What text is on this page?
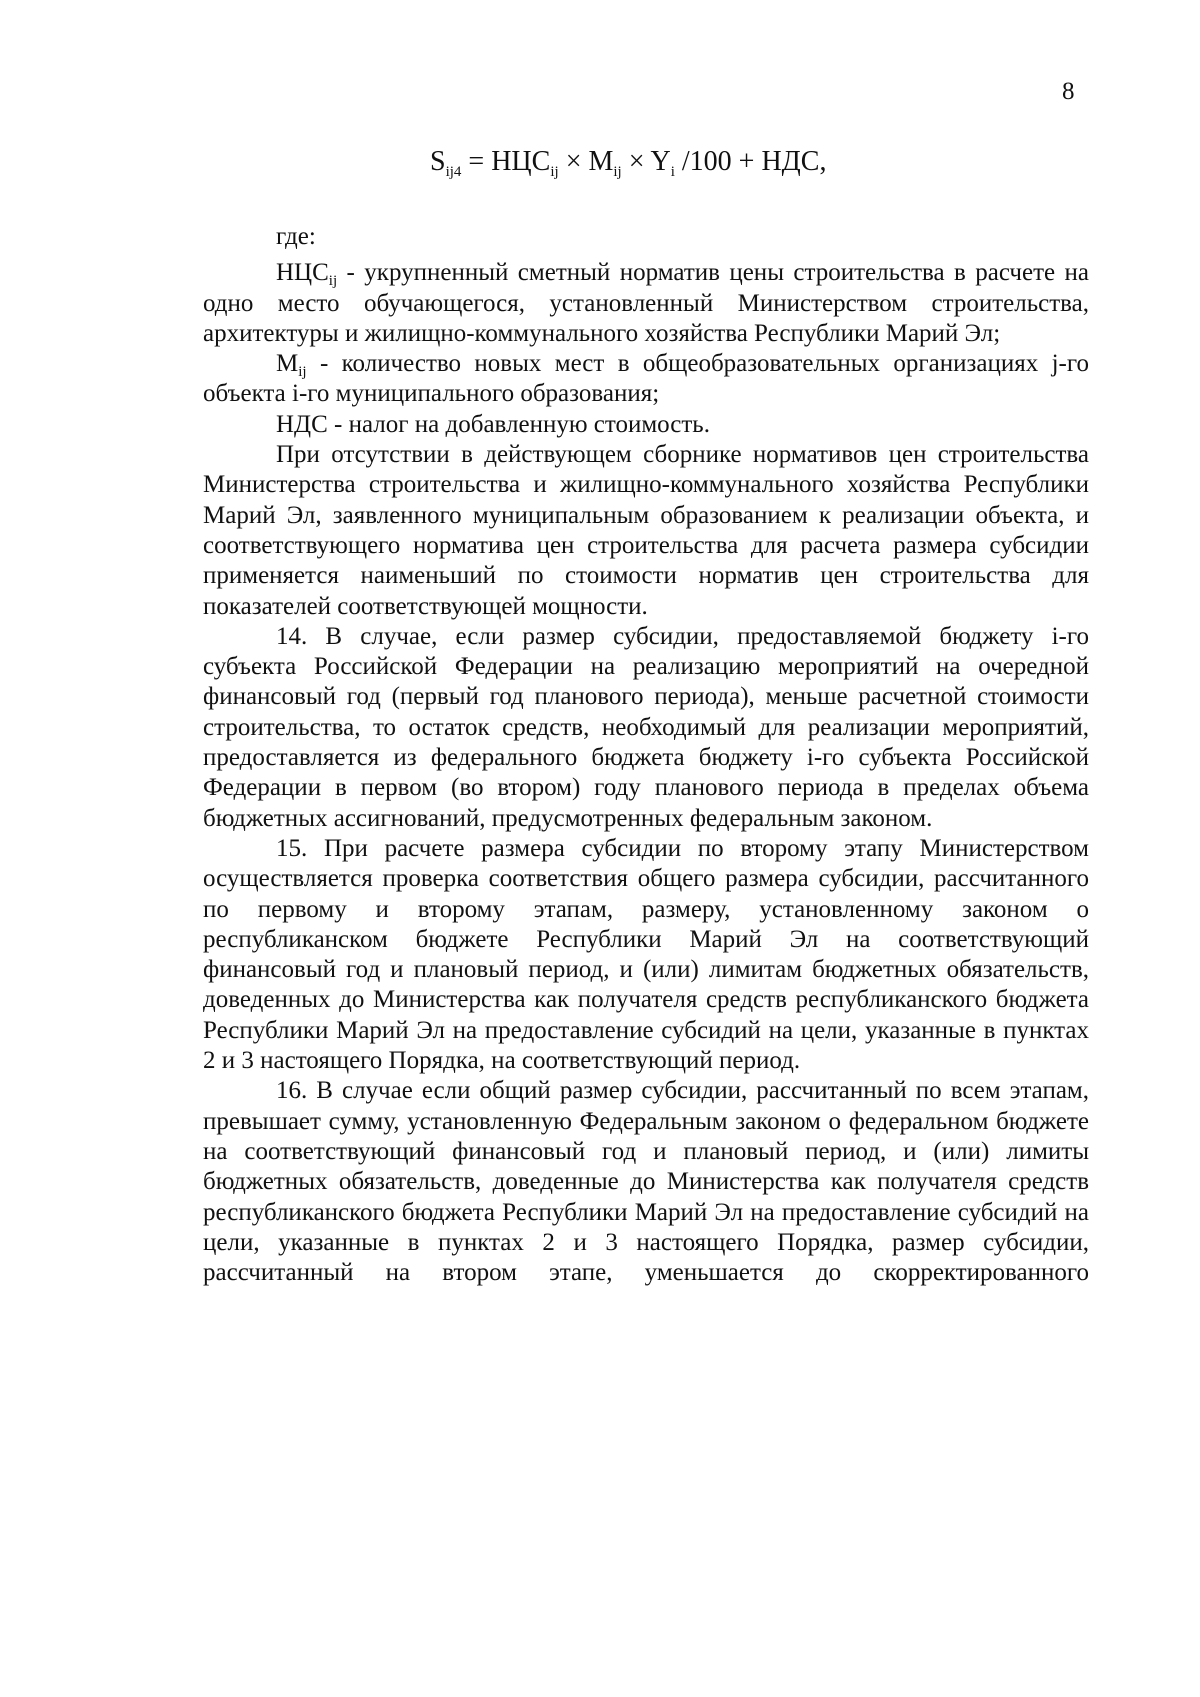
8
$S_{ij4} = НЦС_{ij} \times M_{ij} \times Y_i$ /100 + НДС,

где:

$НЦС_{ij}$ - укрупненный сметный норматив цены строительства в расчете на одно место обучающегося, установленный Министерством строительства, архитектуры и жилищно-коммунального хозяйства Республики Марий Эл;

$M_{ij}$ - количество новых мест в общеобразовательных организациях j-го объекта i-го муниципального образования;

НДС - налог на добавленную стоимость.

При отсутствии в действующем сборнике нормативов цен строительства Министерства строительства и жилищно-коммунального хозяйства Республики Марий Эл, заявленного муниципальным образованием к реализации объекта, и соответствующего норматива цен строительства для расчета размера субсидии применяется наименьший по стоимости норматив цен строительства для показателей соответствующей мощности.

14. В случае, если размер субсидии, предоставляемой бюджету i-го субъекта Российской Федерации на реализацию мероприятий на очередной финансовый год (первый год планового периода), меньше расчетной стоимости строительства, то остаток средств, необходимый для реализации мероприятий, предоставляется из федерального бюджета бюджету i-го субъекта Российской Федерации в первом (во втором) году планового периода в пределах объема бюджетных ассигнований, предусмотренных федеральным законом.

15. При расчете размера субсидии по второму этапу Министерством осуществляется проверка соответствия общего размера субсидии, рассчитанного по первому и второму этапам, размеру, установленному законом о республиканском бюджете Республики Марий Эл на соответствующий финансовый год и плановый период, и (или) лимитам бюджетных обязательств, доведенных до Министерства как получателя средств республиканского бюджета Республики Марий Эл на предоставление субсидий на цели, указанные в пунктах 2 и 3 настоящего Порядка, на соответствующий период.

16. В случае если общий размер субсидии, рассчитанный по всем этапам, превышает сумму, установленную Федеральным законом о федеральном бюджете на соответствующий финансовый год и плановый период, и (или) лимиты бюджетных обязательств, доведенные до Министерства как получателя средств республиканского бюджета Республики Марий Эл на предоставление субсидий на цели, указанные в пунктах 2 и 3 настоящего Порядка, размер субсидии, рассчитанный на втором этапе, уменьшается до скорректированного
